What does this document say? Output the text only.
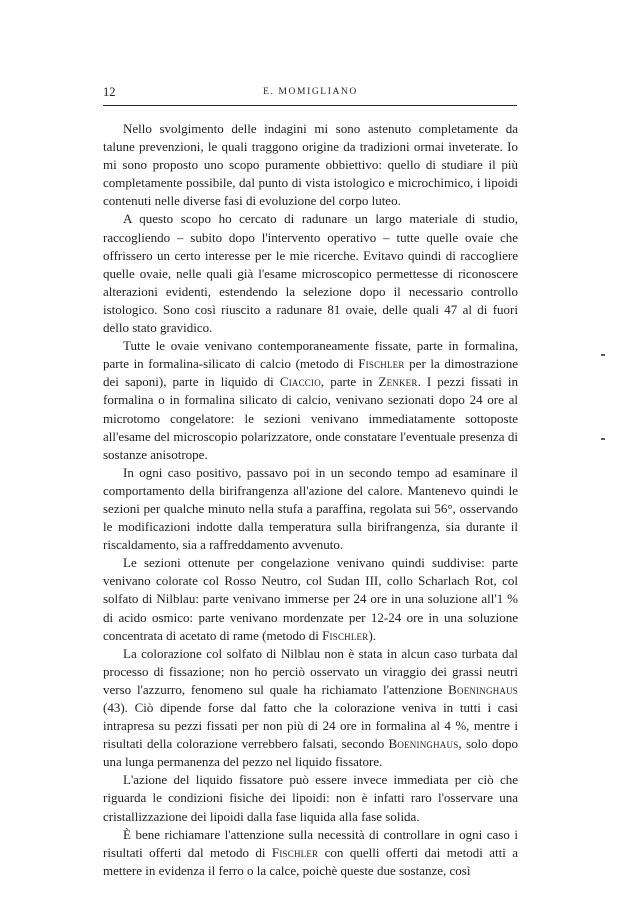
12	E. MOMIGLIANO

Nello svolgimento delle indagini mi sono astenuto completamente da talune prevenzioni, le quali traggono origine da tradizioni ormai inveterate. Io mi sono proposto uno scopo puramente obbiettivo: quello di studiare il più completamente possibile, dal punto di vista istologico e microchimico, i lipoidi contenuti nelle diverse fasi di evoluzione del corpo luteo.

A questo scopo ho cercato di radunare un largo materiale di studio, raccogliendo – subito dopo l'intervento operativo – tutte quelle ovaie che offrissero un certo interesse per le mie ricerche. Evitavo quindi di raccogliere quelle ovaie, nelle quali già l'esame microscopico permettesse di riconoscere alterazioni evidenti, estendendo la selezione dopo il necessario controllo istologico. Sono così riuscito a radunare 81 ovaie, delle quali 47 al di fuori dello stato gravidico.

Tutte le ovaie venivano contemporaneamente fissate, parte in formalina, parte in formalina-silicato di calcio (metodo di Fischler per la dimostrazione dei saponi), parte in liquido di Ciaccio, parte in Zenker. I pezzi fissati in formalina o in formalina silicato di calcio, venivano sezionati dopo 24 ore al microtomo congelatore: le sezioni venivano immediatamente sottoposte all'esame del microscopio polarizzatore, onde constatare l'eventuale presenza di sostanze anisotrope.

In ogni caso positivo, passavo poi in un secondo tempo ad esaminare il comportamento della birifrangenza all'azione del calore. Mantenevo quindi le sezioni per qualche minuto nella stufa a paraffina, regolata sui 56°, osservando le modificazioni indotte dalla temperatura sulla birifrangenza, sia durante il riscaldamento, sia a raffreddamento avvenuto.

Le sezioni ottenute per congelazione venivano quindi suddivise: parte venivano colorate col Rosso Neutro, col Sudan III, collo Scharlach Rot, col solfato di Nilblau: parte venivano immerse per 24 ore in una soluzione all'1 % di acido osmico: parte venivano mordenzate per 12-24 ore in una soluzione concentrata di acetato di rame (metodo di Fischler).

La colorazione col solfato di Nilblau non è stata in alcun caso turbata dal processo di fissazione; non ho perciò osservato un viraggio dei grassi neutri verso l'azzurro, fenomeno sul quale ha richiamato l'attenzione Boeninghaus (43). Ciò dipende forse dal fatto che la colorazione veniva in tutti i casi intrapresa su pezzi fissati per non più di 24 ore in formalina al 4 %, mentre i risultati della colorazione verrebbero falsati, secondo Boeninghaus, solo dopo una lunga permanenza del pezzo nel liquido fissatore.

L'azione del liquido fissatore può essere invece immediata per ciò che riguarda le condizioni fisiche dei lipoidi: non è infatti raro l'osservare una cristallizzazione dei lipoidi dalla fase liquida alla fase solida.

È bene richiamare l'attenzione sulla necessità di controllare in ogni caso i risultati offerti dal metodo di Fischler con quelli offerti dai metodi atti a mettere in evidenza il ferro o la calce, poichè queste due sostanze, così
